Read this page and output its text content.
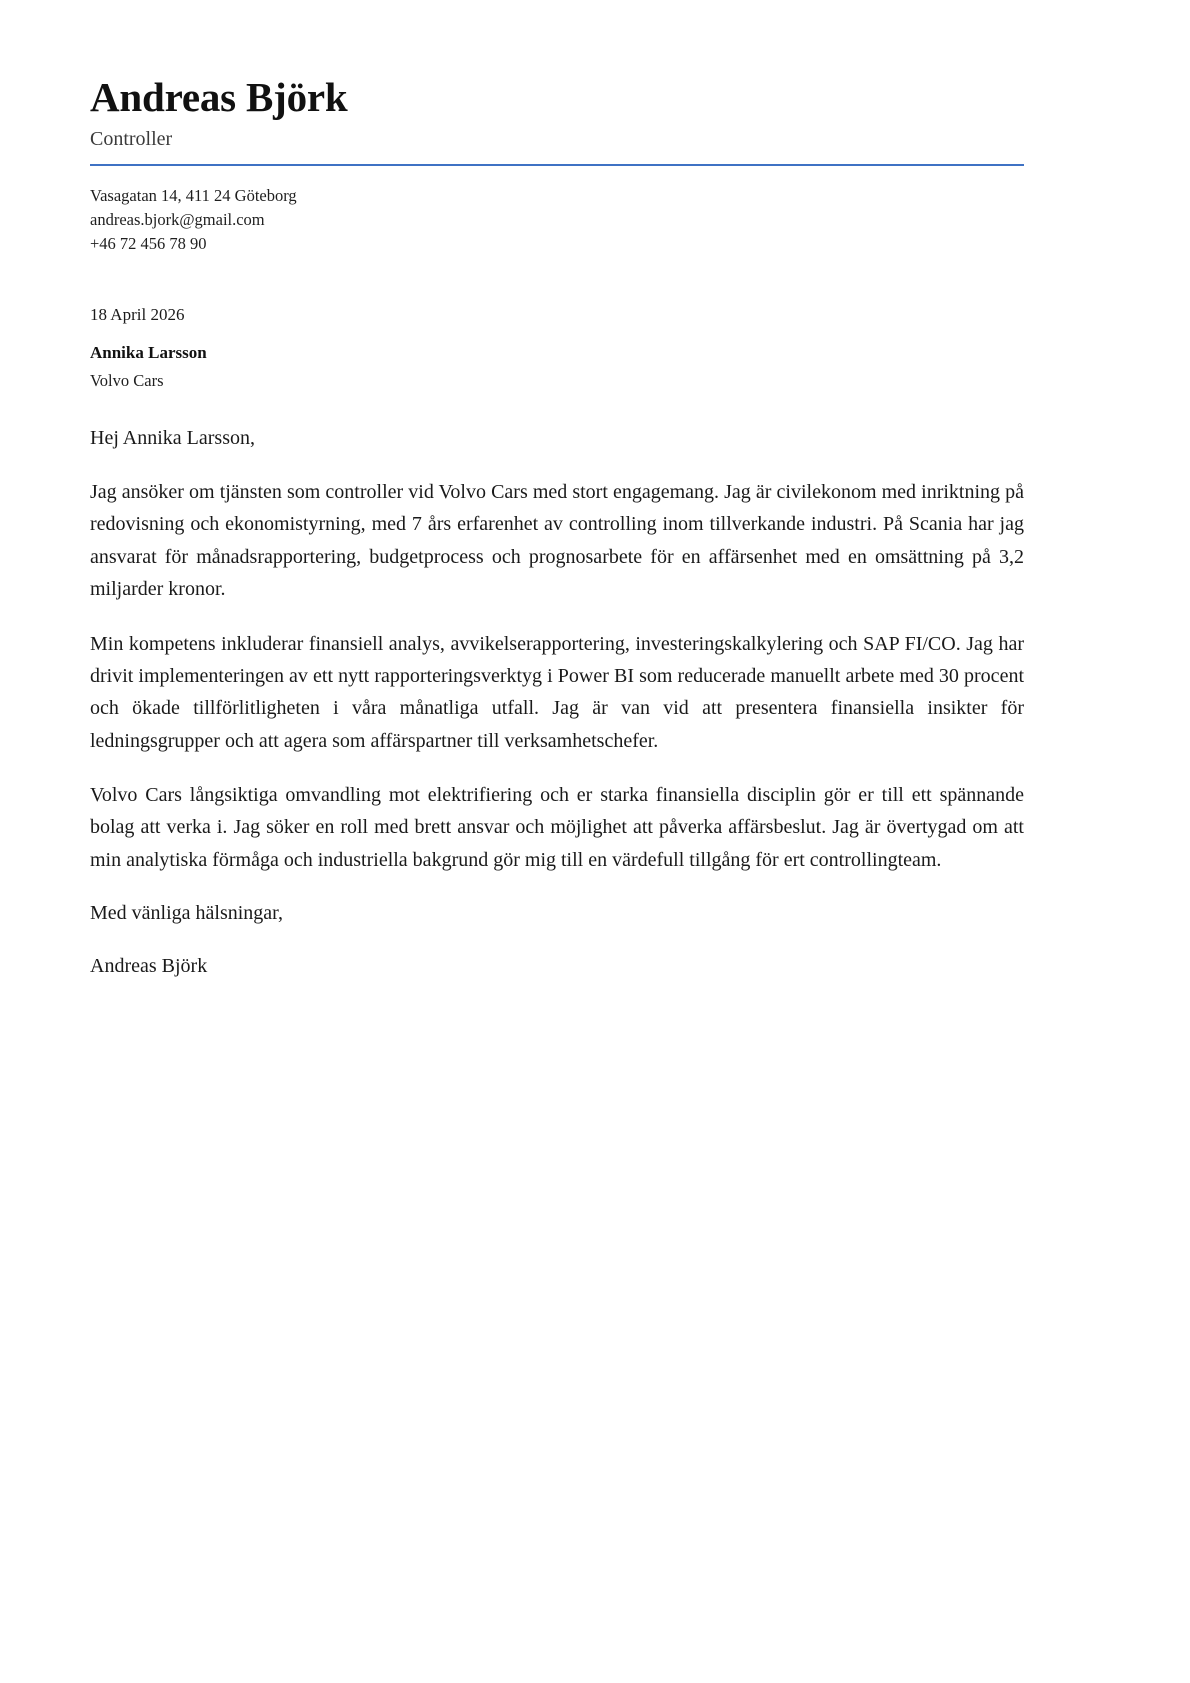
Andreas Björk
Controller
Vasagatan 14, 411 24 Göteborg
andreas.bjork@gmail.com
+46 72 456 78 90
18 April 2026
Annika Larsson
Volvo Cars

Hej Annika Larsson,

Jag ansöker om tjänsten som controller vid Volvo Cars med stort engagemang. Jag är civilekonom med inriktning på redovisning och ekonomistyrning, med 7 års erfarenhet av controlling inom tillverkande industri. På Scania har jag ansvarat för månadsrapportering, budgetprocess och prognosarbete för en affärsenhet med en omsättning på 3,2 miljarder kronor.

Min kompetens inkluderar finansiell analys, avvikelserapportering, investeringskalkylering och SAP FI/CO. Jag har drivit implementeringen av ett nytt rapporteringsverktyg i Power BI som reducerade manuellt arbete med 30 procent och ökade tillförlitligheten i våra månatliga utfall. Jag är van vid att presentera finansiella insikter för ledningsgrupper och att agera som affärspartner till verksamhetschefer.

Volvo Cars långsiktiga omvandling mot elektrifiering och er starka finansiella disciplin gör er till ett spännande bolag att verka i. Jag söker en roll med brett ansvar och möjlighet att påverka affärsbeslut. Jag är övertygad om att min analytiska förmåga och industriella bakgrund gör mig till en värdefull tillgång för ert controllingteam.

Med vänliga hälsningar,

Andreas Björk
